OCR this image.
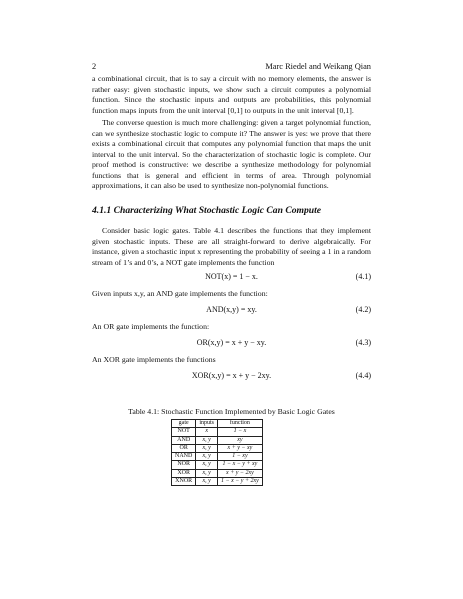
2	Marc Riedel and Weikang Qian
a combinational circuit, that is to say a circuit with no memory elements, the answer is rather easy: given stochastic inputs, we show such a circuit computes a polynomial function. Since the stochastic inputs and outputs are probabilities, this polynomial function maps inputs from the unit interval [0,1] to outputs in the unit interval [0,1].
The converse question is much more challenging: given a target polynomial function, can we synthesize stochastic logic to compute it? The answer is yes: we prove that there exists a combinational circuit that computes any polynomial function that maps the unit interval to the unit interval. So the characterization of stochastic logic is complete. Our proof method is constructive: we describe a synthesize methodology for polynomial functions that is general and efficient in terms of area. Through polynomial approximations, it can also be used to synthesize non-polynomial functions.
4.1.1 Characterizing What Stochastic Logic Can Compute
Consider basic logic gates. Table 4.1 describes the functions that they implement given stochastic inputs. These are all straight-forward to derive algebraically. For instance, given a stochastic input x representing the probability of seeing a 1 in a random stream of 1’s and 0’s, a NOT gate implements the function
NOT(x) = 1 − x.	(4.1)
Given inputs x,y, an AND gate implements the function:
AND(x,y) = xy.	(4.2)
An OR gate implements the function:
OR(x,y) = x + y − xy.	(4.3)
An XOR gate implements the functions
XOR(x,y) = x + y − 2xy.	(4.4)
Table 4.1: Stochastic Function Implemented by Basic Logic Gates
gate	inputs	function
NOT	x	1 − x
AND	x, y	xy
OR	x, y	x + y − xy
NAND	x, y	1 − xy
NOR	x, y	1 − x − y + xy
XOR	x, y	x + y − 2xy
XNOR	x, y	1 − x − y + 2xy
